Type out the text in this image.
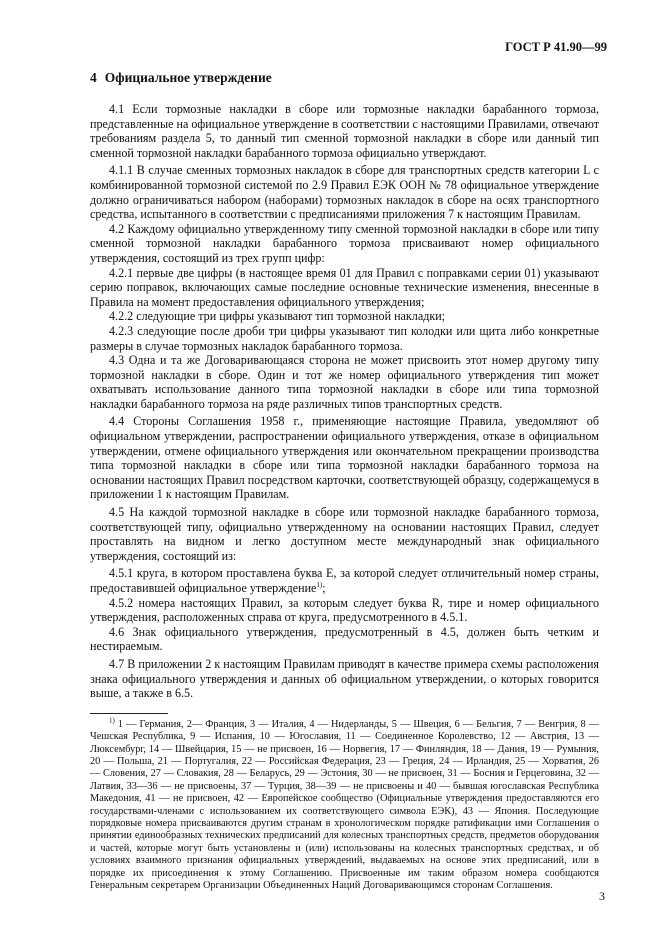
ГОСТ Р 41.90—99
4 Официальное утверждение

4.1 Если тормозные накладки в сборе или тормозные накладки барабанного тормоза, представленные на официальное утверждение в соответствии с настоящими Правилами, отвечают требованиям раздела 5, то данный тип сменной тормозной накладки в сборе или данный тип сменной тормозной накладки барабанного тормоза официально утверждают.

4.1.1 В случае сменных тормозных накладок в сборе для транспортных средств категории L с комбинированной тормозной системой по 2.9 Правил ЕЭК ООН № 78 официальное утверждение должно ограничиваться набором (наборами) тормозных накладок в сборе на осях транспортного средства, испытанного в соответствии с предписаниями приложения 7 к настоящим Правилам.

4.2 Каждому официально утвержденному типу сменной тормозной накладки в сборе или типу сменной тормозной накладки барабанного тормоза присваивают номер официального утверждения, состоящий из трех групп цифр:

4.2.1 первые две цифры (в настоящее время 01 для Правил с поправками серии 01) указывают серию поправок, включающих самые последние основные технические изменения, внесенные в Правила на момент предоставления официального утверждения;

4.2.2 следующие три цифры указывают тип тормозной накладки;

4.2.3 следующие после дроби три цифры указывают тип колодки или щита либо конкретные размеры в случае тормозных накладок барабанного тормоза.

4.3 Одна и та же Договаривающаяся сторона не может присвоить этот номер другому типу тормозной накладки в сборе. Один и тот же номер официального утверждения тип может охватывать использование данного типа тормозной накладки в сборе или типа тормозной накладки барабанного тормоза на ряде различных типов транспортных средств.

4.4 Стороны Соглашения 1958 г., применяющие настоящие Правила, уведомляют об официальном утверждении, распространении официального утверждения, отказе в официальном утверждении, отмене официального утверждения или окончательном прекращении производства типа тормозной накладки в сборе или типа тормозной накладки барабанного тормоза на основании настоящих Правил посредством карточки, соответствующей образцу, содержащемуся в приложении 1 к настоящим Правилам.

4.5 На каждой тормозной накладке в сборе или тормозной накладке барабанного тормоза, соответствующей типу, официально утвержденному на основании настоящих Правил, следует проставлять на видном и легко доступном месте международный знак официального утверждения, состоящий из:

4.5.1 круга, в котором проставлена буква Е, за которой следует отличительный номер страны, предоставившей официальное утверждение$^{1)}$;

4.5.2 номера настоящих Правил, за которым следует буква R, тире и номер официального утверждения, расположенных справа от круга, предусмотренного в 4.5.1.

4.6 Знак официального утверждения, предусмотренный в 4.5, должен быть четким и нестираемым.

4.7 В приложении 2 к настоящим Правилам приводят в качестве примера схемы расположения знака официального утверждения и данных об официальном утверждении, о которых говорится выше, а также в 6.5.

$^{1)}$ 1 — Германия, 2— Франция, 3 — Италия, 4 — Нидерланды, 5 — Швеция, 6 — Бельгия, 7 — Венгрия, 8 — Чешская Республика, 9 — Испания, 10 — Югославия, 11 — Соединенное Королевство, 12 — Австрия, 13 — Люксембург, 14 — Швейцария, 15 — не присвоен, 16 — Норвегия, 17 — Финляндия, 18 — Дания, 19 — Румыния, 20 — Польша, 21 — Португалия, 22 — Российская Федерация, 23 — Греция, 24 — Ирландия, 25 — Хорватия, 26 — Словения, 27 — Словакия, 28 — Беларусь, 29 — Эстония, 30 — не присвоен, 31 — Босния и Герцеговина, 32 — Латвия, 33—36 — не присвоены, 37 — Турция, 38—39 — не присвоены и 40 — бывшая югославская Республика Македония, 41 — не присвоен, 42 — Европейское сообщество (Официальные утверждения предоставляются его государствами-членами с использованием их соответствующего символа ЕЭК), 43 — Япония. Последующие порядковые номера присваиваются другим странам в хронологическом порядке ратификации ими Соглашения о принятии единообразных технических предписаний для колесных транспортных средств, предметов оборудования и частей, которые могут быть установлены и (или) использованы на колесных транспортных средствах, и об условиях взаимного признания официальных утверждений, выдаваемых на основе этих предписаний, или в порядке их присоединения к этому Соглашению. Присвоенные им таким образом номера сообщаются Генеральным секретарем Организации Объединенных Наций Договаривающимся сторонам Соглашения.

3
